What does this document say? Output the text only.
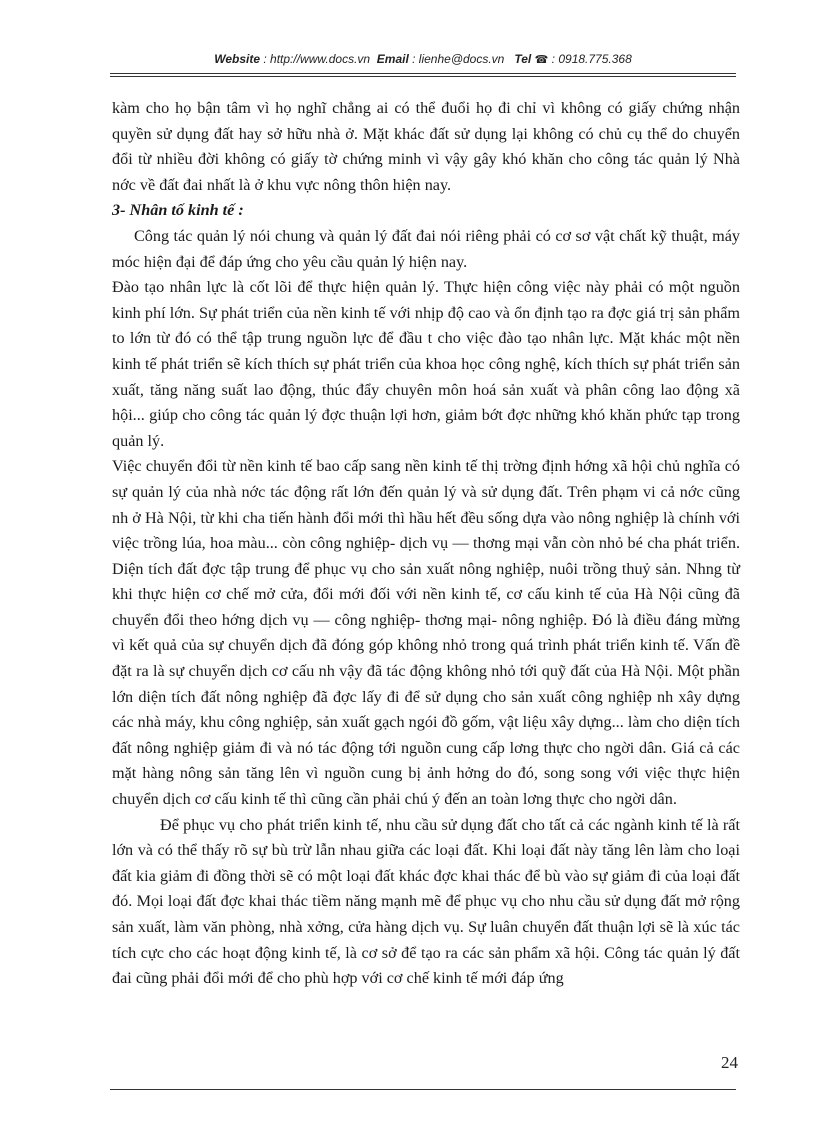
Website : http://www.docs.vn Email : lienhe@docs.vn Tel ☎ : 0918.775.368

kàm cho họ bận tâm vì họ nghĩ chẳng ai có thể đuổi họ đi chỉ vì không có giấy chứng nhận quyền sử dụng đất hay sở hữu nhà ở. Mặt khác đất sử dụng lại không có chủ cụ thể do chuyển đổi từ nhiều đời không có giấy tờ chứng minh vì vậy gây khó khăn cho công tác quản lý Nhà nớc về đất đai nhất là ở khu vực nông thôn hiện nay.

3- Nhân tố kinh tế :

Công tác quản lý nói chung và quản lý đất đai nói riêng phải có cơ sơ vật chất kỹ thuật, máy móc hiện đại để đáp ứng cho yêu cầu quản lý hiện nay.

Đào tạo nhân lực là cốt lõi để thực hiện quản lý. Thực hiện công việc này phải có một nguồn kinh phí lớn. Sự phát triển của nền kinh tế với nhịp độ cao và ổn định tạo ra đợc giá trị sản phẩm to lớn từ đó có thể tập trung nguồn lực để đầu t cho việc đào tạo nhân lực. Mặt khác một nền kinh tế phát triển sẽ kích thích sự phát triển của khoa học công nghệ, kích thích sự phát triển sản xuất, tăng năng suất lao động, thúc đẩy chuyên môn hoá sản xuất và phân công lao động xã hội... giúp cho công tác quản lý đợc thuận lợi hơn, giảm bớt đợc những khó khăn phức tạp trong quản lý.

Việc chuyển đổi từ nền kinh tế bao cấp sang nền kinh tế thị trờng định hớng xã hội chủ nghĩa có sự quản lý của nhà nớc tác động rất lớn đến quản lý và sử dụng đất. Trên phạm vi cả nớc cũng nh ở Hà Nội, từ khi cha tiến hành đổi mới thì hầu hết đều sống dựa vào nông nghiệp là chính với việc trồng lúa, hoa màu... còn công nghiệp- dịch vụ — thơng mại vẫn còn nhỏ bé cha phát triển. Diện tích đất đợc tập trung để phục vụ cho sản xuất nông nghiệp, nuôi trồng thuỷ sản. Nhng từ khi thực hiện cơ chế mở cửa, đổi mới đối với nền kinh tế, cơ cấu kinh tế của Hà Nội cũng đã chuyển đổi theo hớng dịch vụ — công nghiệp- thơng mại- nông nghiệp. Đó là điều đáng mừng vì kết quả của sự chuyển dịch đã đóng góp không nhỏ trong quá trình phát triển kinh tế. Vấn đề đặt ra là sự chuyển dịch cơ cấu nh vậy đã tác động không nhỏ tới quỹ đất của Hà Nội. Một phần lớn diện tích đất nông nghiệp đã đợc lấy đi để sử dụng cho sản xuất công nghiệp nh xây dựng các nhà máy, khu công nghiệp, sản xuất gạch ngói đồ gốm, vật liệu xây dựng... làm cho diện tích đất nông nghiệp giảm đi và nó tác động tới nguồn cung cấp lơng thực cho ngời dân. Giá cả các mặt hàng nông sản tăng lên vì nguồn cung bị ảnh hởng do đó, song song với việc thực hiện chuyển dịch cơ cấu kinh tế thì cũng cần phải chú ý đến an toàn lơng thực cho ngời dân.

Để phục vụ cho phát triển kinh tế, nhu cầu sử dụng đất cho tất cả các ngành kinh tế là rất lớn và có thể thấy rõ sự bù trừ lẫn nhau giữa các loại đất. Khi loại đất này tăng lên làm cho loại đất kia giảm đi đồng thời sẽ có một loại đất khác đợc khai thác để bù vào sự giảm đi của loại đất đó. Mọi loại đất đợc khai thác tiềm năng mạnh mẽ để phục vụ cho nhu cầu sử dụng đất mở rộng sản xuất, làm văn phòng, nhà xởng, cửa hàng dịch vụ. Sự luân chuyển đất thuận lợi sẽ là xúc tác tích cực cho các hoạt động kinh tế, là cơ sở để tạo ra các sản phẩm xã hội. Công tác quản lý đất đai cũng phải đổi mới để cho phù hợp với cơ chế kinh tế mới đáp ứng

24
